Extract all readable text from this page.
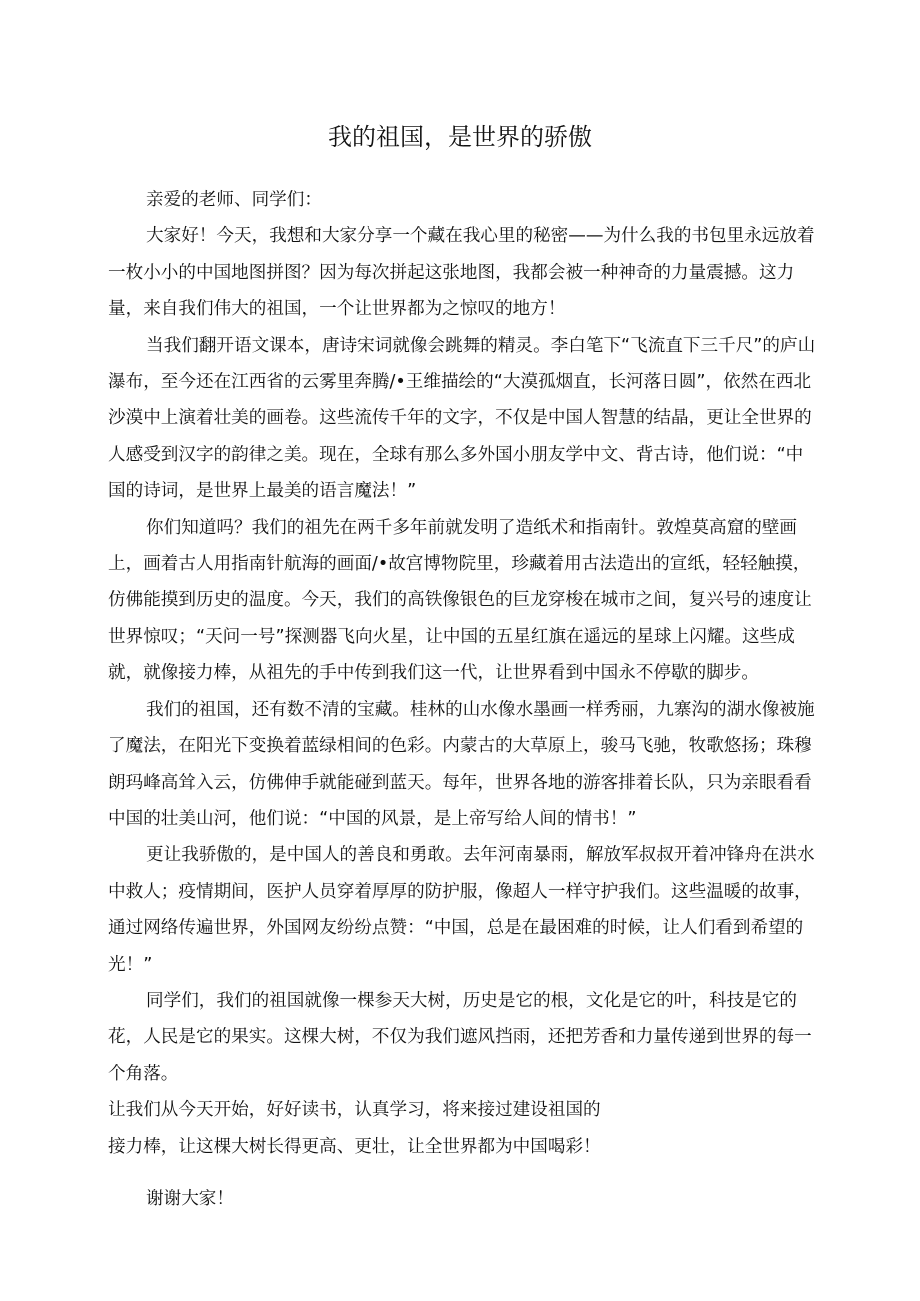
我的祖国，是世界的骄傲

亲爱的老师、同学们：

大家好！今天，我想和大家分享一个藏在我心里的秘密——为什么我的书包里永远放着一枚小小的中国地图拼图？因为每次拼起这张地图，我都会被一种神奇的力量震撼。这力量，来自我们伟大的祖国，一个让世界都为之惊叹的地方！

当我们翻开语文课本，唐诗宋词就像会跳舞的精灵。李白笔下“飞流直下三千尺”的庐山瀑布，至今还在江西省的云雾里奔腾/•王维描绘的“大漠孤烟直，长河落日圆”，依然在西北沙漠中上演着壮美的画卷。这些流传千年的文字，不仅是中国人智慧的结晶，更让全世界的人感受到汉字的韵律之美。现在，全球有那么多外国小朋友学中文、背古诗，他们说：“中国的诗词，是世界上最美的语言魔法！”

你们知道吗？我们的祖先在两千多年前就发明了造纸术和指南针。敦煌莫高窟的壁画上，画着古人用指南针航海的画面/•故宫博物院里，珍藏着用古法造出的宣纸，轻轻触摸，仿佛能摸到历史的温度。今天，我们的高铁像银色的巨龙穿梭在城市之间，复兴号的速度让世界惊叹；“天问一号”探测器飞向火星，让中国的五星红旗在遥远的星球上闪耀。这些成就，就像接力棒，从祖先的手中传到我们这一代，让世界看到中国永不停歇的脚步。

我们的祖国，还有数不清的宝藏。桂林的山水像水墨画一样秀丽，九寨沟的湖水像被施了魔法，在阳光下变换着蓝绿相间的色彩。内蒙古的大草原上，骏马飞驰，牧歌悠扬；珠穆朗玛峰高耸入云，仿佛伸手就能碰到蓝天。每年，世界各地的游客排着长队，只为亲眼看看中国的壮美山河，他们说：“中国的风景，是上帝写给人间的情书！”

更让我骄傲的，是中国人的善良和勇敢。去年河南暴雨，解放军叔叔开着冲锋舟在洪水中救人；疫情期间，医护人员穿着厚厚的防护服，像超人一样守护我们。这些温暖的故事，通过网络传遍世界，外国网友纷纷点赞：“中国，总是在最困难的时候，让人们看到希望的光！”

同学们，我们的祖国就像一棵参天大树，历史是它的根，文化是它的叶，科技是它的花，人民是它的果实。这棵大树，不仅为我们遮风挡雨，还把芳香和力量传递到世界的每一个角落。

让我们从今天开始，好好读书，认真学习，将来接过建设祖国的

接力棒，让这棵大树长得更高、更壮，让全世界都为中国喝彩！

谢谢大家！
